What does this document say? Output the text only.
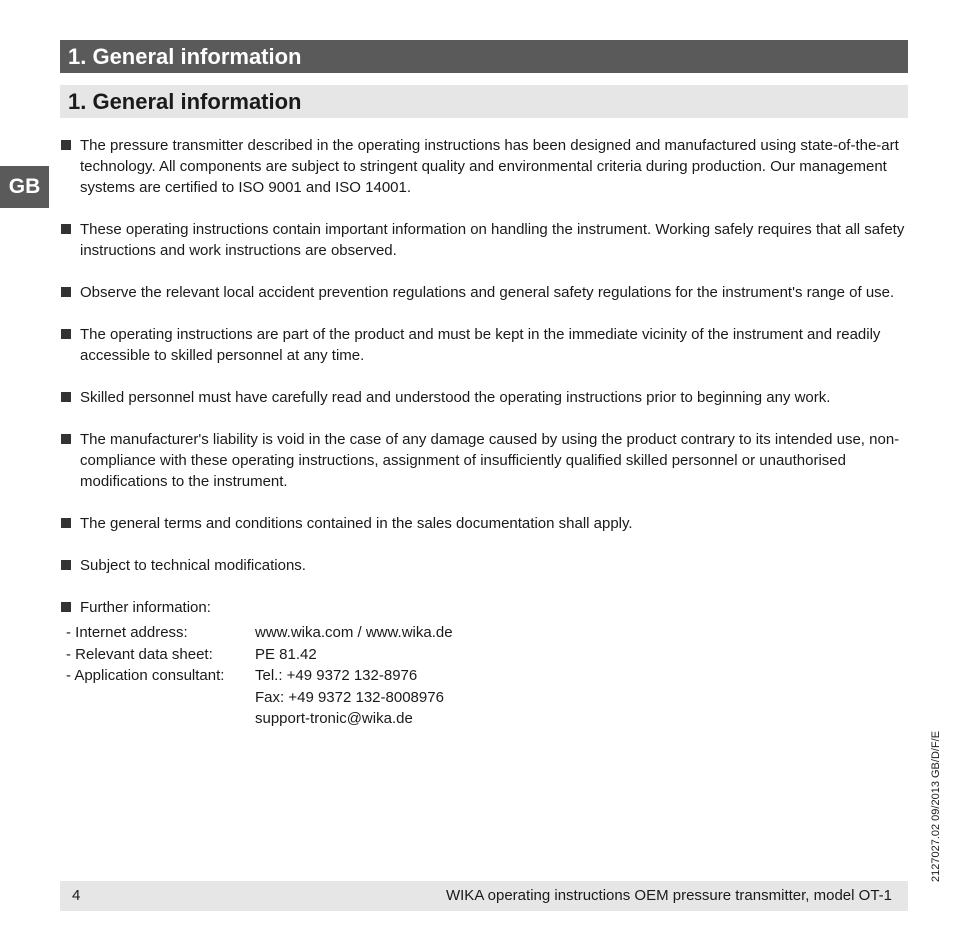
1. General information
1. General information
GB
The pressure transmitter described in the operating instructions has been designed and manufactured using state-of-the-art technology. All components are subject to stringent quality and environmental criteria during production. Our management systems are certified to ISO 9001 and ISO 14001.
These operating instructions contain important information on handling the instrument. Working safely requires that all safety instructions and work instructions are observed.
Observe the relevant local accident prevention regulations and general safety regulations for the instrument's range of use.
The operating instructions are part of the product and must be kept in the immediate vicinity of the instrument and readily accessible to skilled personnel at any time.
Skilled personnel must have carefully read and understood the operating instructions prior to beginning any work.
The manufacturer's liability is void in the case of any damage caused by using the product contrary to its intended use, non-compliance with these operating instructions, assignment of insufficiently qualified skilled personnel or unauthorised modifications to the instrument.
The general terms and conditions contained in the sales documentation shall apply.
Subject to technical modifications.
Further information:
- Internet address:	www.wika.com / www.wika.de
- Relevant data sheet:	PE 81.42
- Application consultant:	Tel.: +49 9372 132-8976
Fax: +49 9372 132-8008976
support-tronic@wika.de
4	WIKA operating instructions OEM pressure transmitter, model OT-1
2127027.02 09/2013 GB/D/F/E
